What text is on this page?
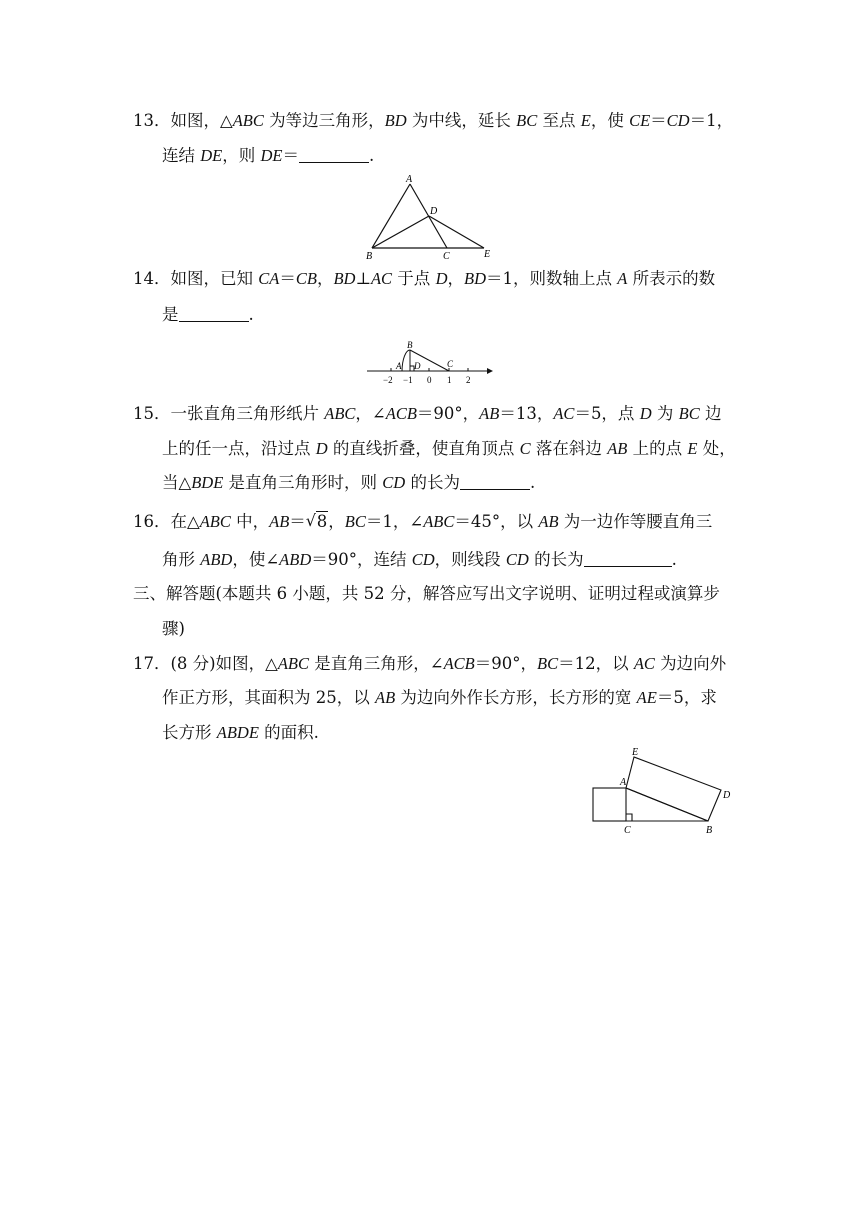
13．如图，△ABC 为等边三角形，BD 为中线，延长 BC 至点 E，使 CE＝CD＝1，
连结 DE，则 DE＝	.
A
B	C
D
E
14．如图，已知 CA＝CB，BD⊥AC 于点 D，BD＝1，则数轴上点 A 所表示的数
是	.
B
A D	C
−2 −1 0 1 2
15．一张直角三角形纸片 ABC，∠ACB＝90°，AB＝13，AC＝5，点 D 为 BC 边
上的任一点，沿过点 D 的直线折叠，使直角顶点 C 落在斜边 AB 上的点 E 处，
当△BDE 是直角三角形时，则 CD 的长为	.
16．在△ABC 中，AB＝ √ 8，BC＝1，∠ABC＝45°，以 AB 为一边作等腰直角三
角形 ABD，使∠ABD＝90°，连结 CD，则线段 CD 的长为	.
三、解答题(本题共 6 小题，共 52 分，解答应写出文字说明、证明过程或演算步
骤)
17．(8 分)如图，△ABC 是直角三角形，∠ACB＝90°，BC＝12，以 AC 为边向外
作正方形，其面积为 25，以 AB 为边向外作长方形，长方形的宽 AE＝5，求
长方形 ABDE 的面积.
E
A
D
C	B
